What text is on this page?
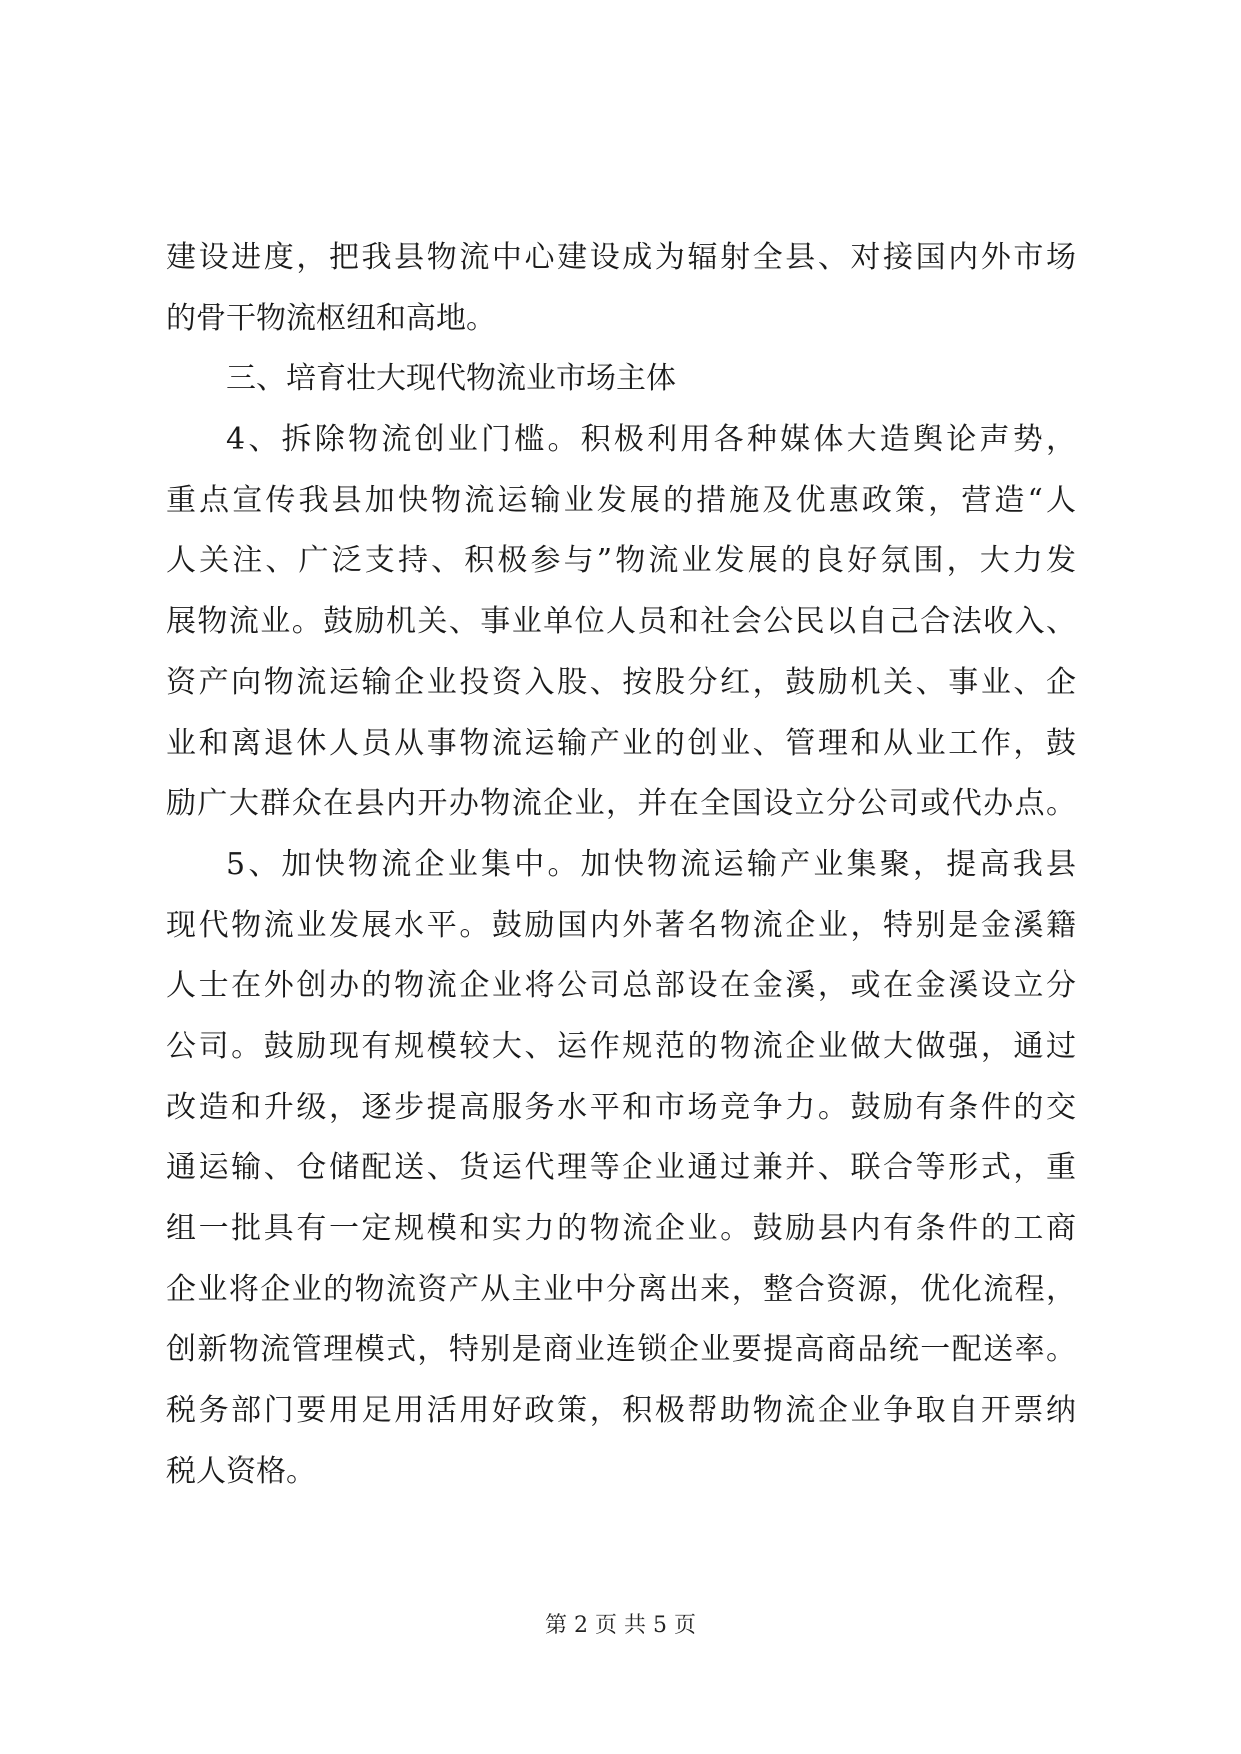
建设进度，把我县物流中心建设成为辐射全县、对接国内外市场
的骨干物流枢纽和高地。
三、培育壮大现代物流业市场主体
4、拆除物流创业门槛。积极利用各种媒体大造舆论声势，
重点宣传我县加快物流运输业发展的措施及优惠政策，营造“人
人关注、广泛支持、积极参与”物流业发展的良好氛围，大力发
展物流业。鼓励机关、事业单位人员和社会公民以自己合法收入、
资产向物流运输企业投资入股、按股分红，鼓励机关、事业、企
业和离退休人员从事物流运输产业的创业、管理和从业工作，鼓
励广大群众在县内开办物流企业，并在全国设立分公司或代办点。
5、加快物流企业集中。加快物流运输产业集聚，提高我县
现代物流业发展水平。鼓励国内外著名物流企业，特别是金溪籍
人士在外创办的物流企业将公司总部设在金溪，或在金溪设立分
公司。鼓励现有规模较大、运作规范的物流企业做大做强，通过
改造和升级，逐步提高服务水平和市场竞争力。鼓励有条件的交
通运输、仓储配送、货运代理等企业通过兼并、联合等形式，重
组一批具有一定规模和实力的物流企业。鼓励县内有条件的工商
企业将企业的物流资产从主业中分离出来，整合资源，优化流程，
创新物流管理模式，特别是商业连锁企业要提高商品统一配送率。
税务部门要用足用活用好政策，积极帮助物流企业争取自开票纳
税人资格。
第 2 页 共 5 页
